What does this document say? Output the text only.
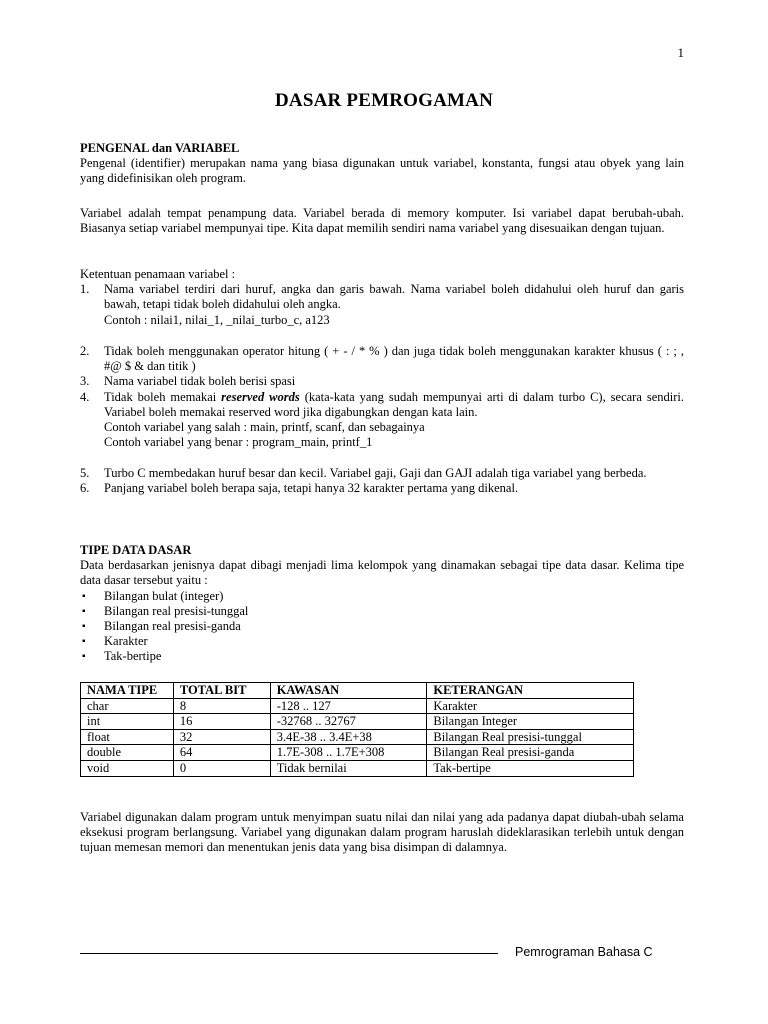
1
DASAR PEMROGAMAN
PENGENAL dan VARIABEL

Pengenal (identifier) merupakan nama yang biasa digunakan untuk variabel, konstanta, fungsi atau obyek yang lain yang didefinisikan oleh program.

Variabel adalah tempat penampung data. Variabel berada di memory komputer. Isi variabel dapat berubah-ubah. Biasanya setiap variabel mempunyai tipe. Kita dapat memilih sendiri nama variabel yang disesuaikan dengan tujuan.

Ketentuan penamaan variabel :
1. Nama variabel terdiri dari huruf, angka dan garis bawah. Nama variabel boleh didahului oleh huruf dan garis bawah, tetapi tidak boleh didahului oleh angka.
Contoh : nilai1, nilai_1, _nilai_turbo_c, a123
2. Tidak boleh menggunakan operator hitung ( + - / * % ) dan juga tidak boleh menggunakan karakter khusus ( : ; , #@ $ & dan titik )
3. Nama variabel tidak boleh berisi spasi
4. Tidak boleh memakai reserved words (kata-kata yang sudah mempunyai arti di dalam turbo C), secara sendiri. Variabel boleh memakai reserved word jika digabungkan dengan kata lain.
Contoh variabel yang salah : main, printf, scanf, dan sebagainya
Contoh variabel yang benar : program_main, printf_1
5. Turbo C membedakan huruf besar dan kecil. Variabel gaji, Gaji dan GAJI adalah tiga variabel yang berbeda.
6. Panjang variabel boleh berapa saja, tetapi hanya 32 karakter pertama yang dikenal.
TIPE DATA DASAR

Data berdasarkan jenisnya dapat dibagi menjadi lima kelompok yang dinamakan sebagai tipe data dasar. Kelima tipe data dasar tersebut yaitu :

▪ Bilangan bulat (integer)
▪ Bilangan real presisi-tunggal
▪ Bilangan real presisi-ganda
▪ Karakter
▪ Tak-bertipe
NAMA TIPE	TOTAL BIT	KAWASAN	KETERANGAN
char	8	-128 .. 127	Karakter
int	16	-32768 .. 32767	Bilangan Integer
float	32	3.4E-38 .. 3.4E+38	Bilangan Real presisi-tunggal
double	64	1.7E-308 .. 1.7E+308	Bilangan Real presisi-ganda
void	0	Tidak bernilai	Tak-bertipe

Variabel digunakan dalam program untuk menyimpan suatu nilai dan nilai yang ada padanya dapat diubah-ubah selama eksekusi program berlangsung. Variabel yang digunakan dalam program haruslah dideklarasikan terlebih untuk dengan tujuan memesan memori dan menentukan jenis data yang bisa disimpan di dalamnya.

Pemrograman Bahasa C
